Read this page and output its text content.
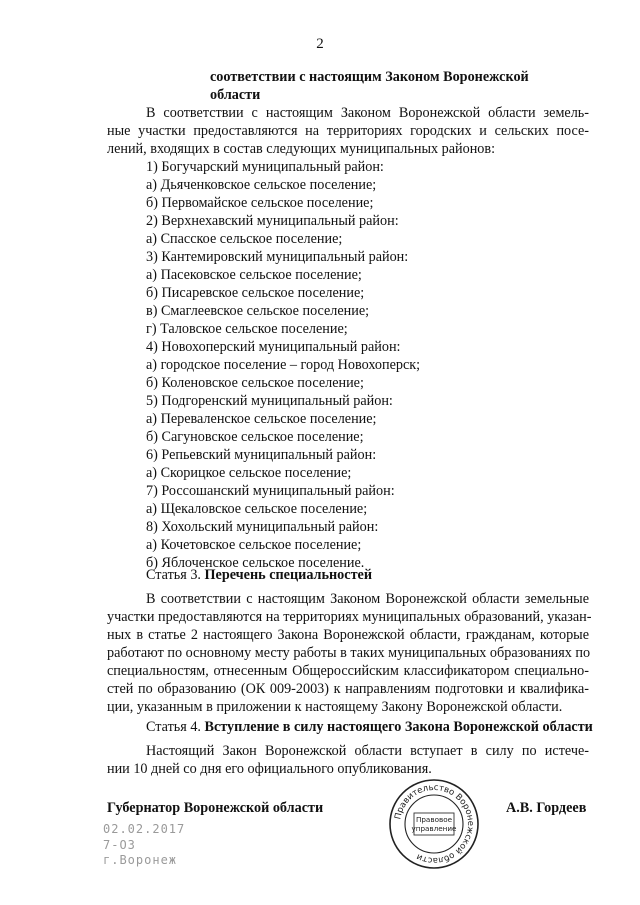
2
соответствии с настоящим Законом Воронежской
области
В соответствии с настоящим Законом Воронежской области земель-
ные участки предоставляются на территориях городских и сельских посе-
лений, входящих в состав следующих муниципальных районов:
1) Богучарский муниципальный район:
а) Дьяченковское сельское поселение;
б) Первомайское сельское поселение;
2) Верхнехавский муниципальный район:
а) Спасское сельское поселение;
3) Кантемировский муниципальный район:
а) Пасековское сельское поселение;
б) Писаревское сельское поселение;
в) Смаглеевское сельское поселение;
г) Таловское сельское поселение;
4) Новохоперский муниципальный район:
а) городское поселение – город Новохоперск;
б) Коленовское сельское поселение;
5) Подгоренский муниципальный район:
а) Переваленское сельское поселение;
б) Сагуновское сельское поселение;
6) Репьевский муниципальный район:
а) Скорицкое сельское поселение;
7) Россошанский муниципальный район:
а) Щекаловское сельское поселение;
8) Хохольский муниципальный район:
а) Кочетовское сельское поселение;
б) Яблоченское сельское поселение.
Статья 3. Перечень специальностей
В соответствии с настоящим Законом Воронежской области земельные
участки предоставляются на территориях муниципальных образований, указан-
ных в статье 2 настоящего Закона Воронежской области, гражданам, которые
работают по основному месту работы в таких муниципальных образованиях по
специальностям, отнесенным Общероссийским классификатором специально-
стей по образованию (ОК 009-2003) к направлениям подготовки и квалифика-
ции, указанным в приложении к настоящему Закону Воронежской области.
Статья 4. Вступление в силу настоящего Закона Воронежской области
Настоящий Закон Воронежской области вступает в силу по истече-
нии 10 дней со дня его официального опубликования.
Губернатор Воронежской области	А.В. Гордеев
Правительство Воронежской области
Правовое
управление
02.02.2017
7-ОЗ
г.Воронеж
